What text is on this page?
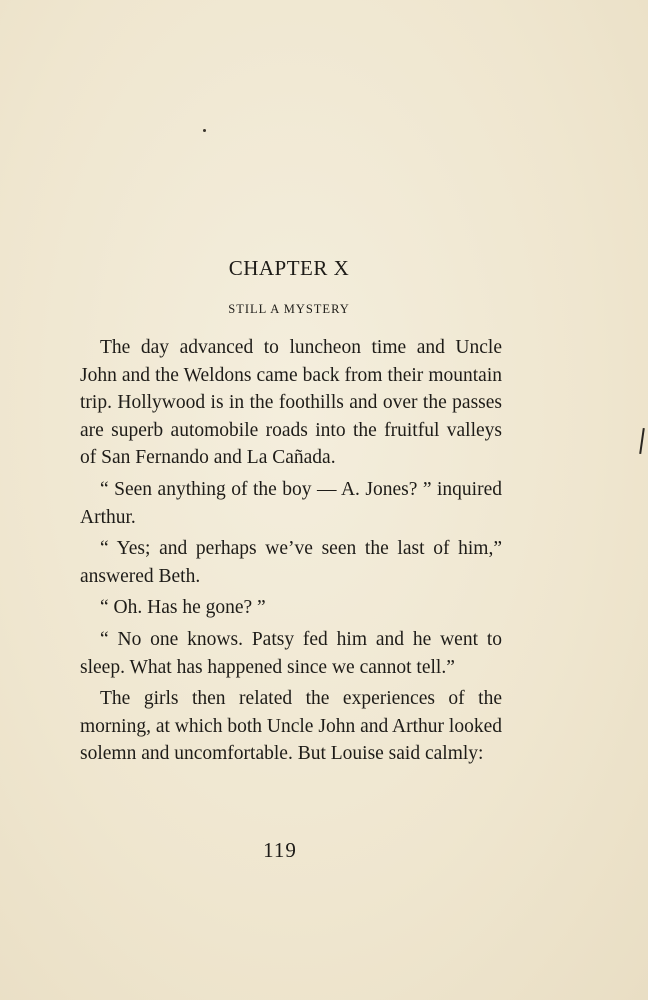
CHAPTER X
STILL A MYSTERY

The day advanced to luncheon time and Uncle John and the Weldons came back from their mountain trip. Hollywood is in the foothills and over the passes are superb automobile roads into the fruitful valleys of San Fernando and La Cañada.

“ Seen anything of the boy — A. Jones? ” inquired Arthur.

“ Yes; and perhaps we’ve seen the last of him,” answered Beth.

“ Oh. Has he gone? ”

“ No one knows. Patsy fed him and he went to sleep. What has happened since we cannot tell.”

The girls then related the experiences of the morning, at which both Uncle John and Arthur looked solemn and uncomfortable. But Louise said calmly:

119
